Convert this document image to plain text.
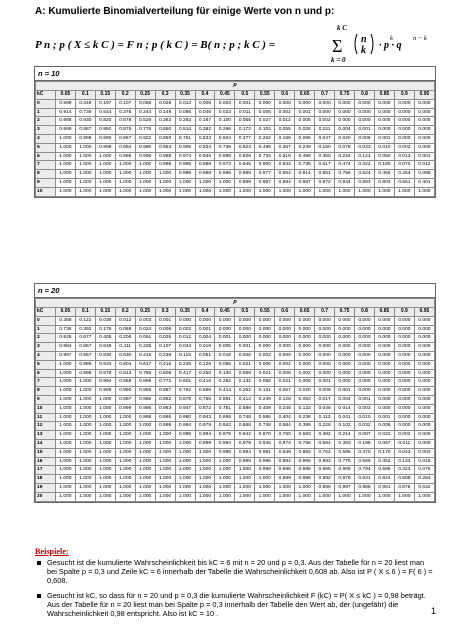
A: Kumulierte Binomialverteilung für einige Werte von n und p:
P n ; p ( X ≤ k C ) = F n ; p ( k C ) = B( n ; p ; k C ) =
k C
Σ
k = 0
n
k · p · q
k	n − k
n = 10
p																			
kC	0.05	0.1	0.15	0.2	0.25	0.3	0.35	0.4	0.45	0.5	0.55	0.6	0.65	0.7	0.75	0.8	0.85	0.9	0.95
0	0.599	0.349	0.197	0.107	0.056	0.028	0.013	0.006	0.003	0.001	0.000	0.000	0.000	0.000	0.000	0.000	0.000	0.000	0.000
1	0.914	0.736	0.544	0.376	0.244	0.149	0.086	0.046	0.023	0.011	0.005	0.002	0.001	0.000	0.000	0.000	0.000	0.000	0.000
2	0.988	0.930	0.820	0.678	0.526	0.383	0.262	0.167	0.100	0.055	0.027	0.012	0.005	0.002	0.000	0.000	0.000	0.000	0.000
3	0.999	0.987	0.950	0.879	0.776	0.650	0.514	0.382	0.266	0.172	0.102	0.055	0.026	0.011	0.004	0.001	0.000	0.000	0.000
4	1.000	0.998	0.990	0.967	0.922	0.850	0.751	0.633	0.504	0.377	0.262	0.166	0.095	0.047	0.020	0.006	0.001	0.000	0.000
5	1.000	1.000	0.999	0.994	0.980	0.953	0.905	0.834	0.738	0.623	0.496	0.367	0.249	0.150	0.078	0.033	0.010	0.002	0.000
6	1.000	1.000	1.000	0.999	0.996	0.989	0.974	0.945	0.898	0.828	0.734	0.618	0.486	0.350	0.224	0.121	0.050	0.013	0.001
7	1.000	1.000	1.000	1.000	1.000	0.998	0.995	0.988	0.973	0.945	0.900	0.833	0.738	0.617	0.474	0.322	0.180	0.070	0.012
8	1.000	1.000	1.000	1.000	1.000	1.000	0.999	0.998	0.995	0.989	0.977	0.954	0.914	0.851	0.756	0.624	0.456	0.264	0.086
9	1.000	1.000	1.000	1.000	1.000	1.000	1.000	1.000	1.000	0.999	0.997	0.994	0.987	0.972	0.944	0.893	0.803	0.651	0.401
10	1.000	1.000	1.000	1.000	1.000	1.000	1.000	1.000	1.000	1.000	1.000	1.000	1.000	1.000	1.000	1.000	1.000	1.000	1.000
n = 20
p																			
kC	0.05	0.1	0.15	0.2	0.25	0.3	0.35	0.4	0.45	0.5	0.55	0.6	0.65	0.7	0.75	0.8	0.85	0.9	0.95
0	0.358	0.122	0.039	0.012	0.003	0.001	0.000	0.000	0.000	0.000	0.000	0.000	0.000	0.000	0.000	0.000	0.000	0.000	0.000
1	0.736	0.392	0.176	0.069	0.024	0.008	0.002	0.001	0.000	0.000	0.000	0.000	0.000	0.000	0.000	0.000	0.000	0.000	0.000
2	0.925	0.677	0.405	0.206	0.091	0.035	0.012	0.004	0.001	0.000	0.000	0.000	0.000	0.000	0.000	0.000	0.000	0.000	0.000
3	0.984	0.867	0.648	0.411	0.225	0.107	0.044	0.016	0.005	0.001	0.000	0.000	0.000	0.000	0.000	0.000	0.000	0.000	0.000
4	0.997	0.957	0.830	0.630	0.415	0.238	0.118	0.051	0.019	0.006	0.002	0.000	0.000	0.000	0.000	0.000	0.000	0.000	0.000
5	1.000	0.989	0.933	0.804	0.617	0.416	0.245	0.126	0.055	0.021	0.006	0.002	0.000	0.000	0.000	0.000	0.000	0.000	0.000
6	1.000	0.998	0.978	0.913	0.786	0.608	0.417	0.250	0.130	0.058	0.021	0.006	0.002	0.000	0.000	0.000	0.000	0.000	0.000
7	1.000	1.000	0.994	0.968	0.898	0.772	0.601	0.416	0.252	0.132	0.058	0.021	0.006	0.001	0.000	0.000	0.000	0.000	0.000
8	1.000	1.000	0.999	0.990	0.959	0.887	0.762	0.596	0.414	0.252	0.131	0.057	0.020	0.005	0.001	0.000	0.000	0.000	0.000
9	1.000	1.000	1.000	0.997	0.986	0.952	0.878	0.755	0.591	0.412	0.249	0.128	0.053	0.017	0.004	0.001	0.000	0.000	0.000
10	1.000	1.000	1.000	0.999	0.996	0.983	0.947	0.872	0.751	0.588	0.409	0.245	0.122	0.048	0.014	0.003	0.000	0.000	0.000
11	1.000	1.000	1.000	1.000	0.999	0.995	0.980	0.943	0.869	0.748	0.586	0.404	0.238	0.113	0.041	0.010	0.001	0.000	0.000
12	1.000	1.000	1.000	1.000	1.000	0.999	0.994	0.979	0.942	0.868	0.748	0.584	0.399	0.228	0.102	0.032	0.006	0.000	0.000
13	1.000	1.000	1.000	1.000	1.000	1.000	0.998	0.994	0.979	0.942	0.870	0.750	0.583	0.392	0.214	0.087	0.022	0.002	0.000
14	1.000	1.000	1.000	1.000	1.000	1.000	1.000	0.998	0.994	0.979	0.945	0.874	0.755	0.584	0.383	0.196	0.067	0.011	0.000
15	1.000	1.000	1.000	1.000	1.000	1.000	1.000	1.000	0.998	0.994	0.981	0.949	0.882	0.762	0.585	0.370	0.170	0.043	0.003
16	1.000	1.000	1.000	1.000	1.000	1.000	1.000	1.000	1.000	0.999	0.995	0.984	0.956	0.893	0.775	0.589	0.352	0.133	0.016
17	1.000	1.000	1.000	1.000	1.000	1.000	1.000	1.000	1.000	1.000	0.999	0.996	0.988	0.965	0.909	0.794	0.595	0.323	0.075
18	1.000	1.000	1.000	1.000	1.000	1.000	1.000	1.000	1.000	1.000	1.000	0.999	0.998	0.992	0.976	0.931	0.824	0.608	0.264
19	1.000	1.000	1.000	1.000	1.000	1.000	1.000	1.000	1.000	1.000	1.000	1.000	1.000	0.999	0.997	0.988	0.961	0.878	0.642
20	1.000	1.000	1.000	1.000	1.000	1.000	1.000	1.000	1.000	1.000	1.000	1.000	1.000	1.000	1.000	1.000	1.000	1.000	1.000
Beispiele:
Gesucht ist die kumulierte Wahrscheinlichkeit bis kC = 6 mit n = 20 und p = 0,3. Aus der Tabelle für n = 20 liest man bei Spalte p = 0,3 und Zeile kC = 6 innerhalb der Tabelle die Wahrscheinlichkeit 0,608 ab. Also ist P ( X ≤ 6 ) = F( 6 ) = 0,608.
Gesucht ist kC, so dass für n = 20 und p = 0,3 die kumulierte Wahrscheinlichkeit F (kC) = P( X ≤ kC ) = 0,98 beträgt. Aus der Tabelle für n = 20 liest man bei Spalte p = 0,3 innerhalb der Tabelle den Wert ab, der (ungefähr) die Wahrscheinlichkeit 0,98 entspricht. Also ist kC = 10 .	1
